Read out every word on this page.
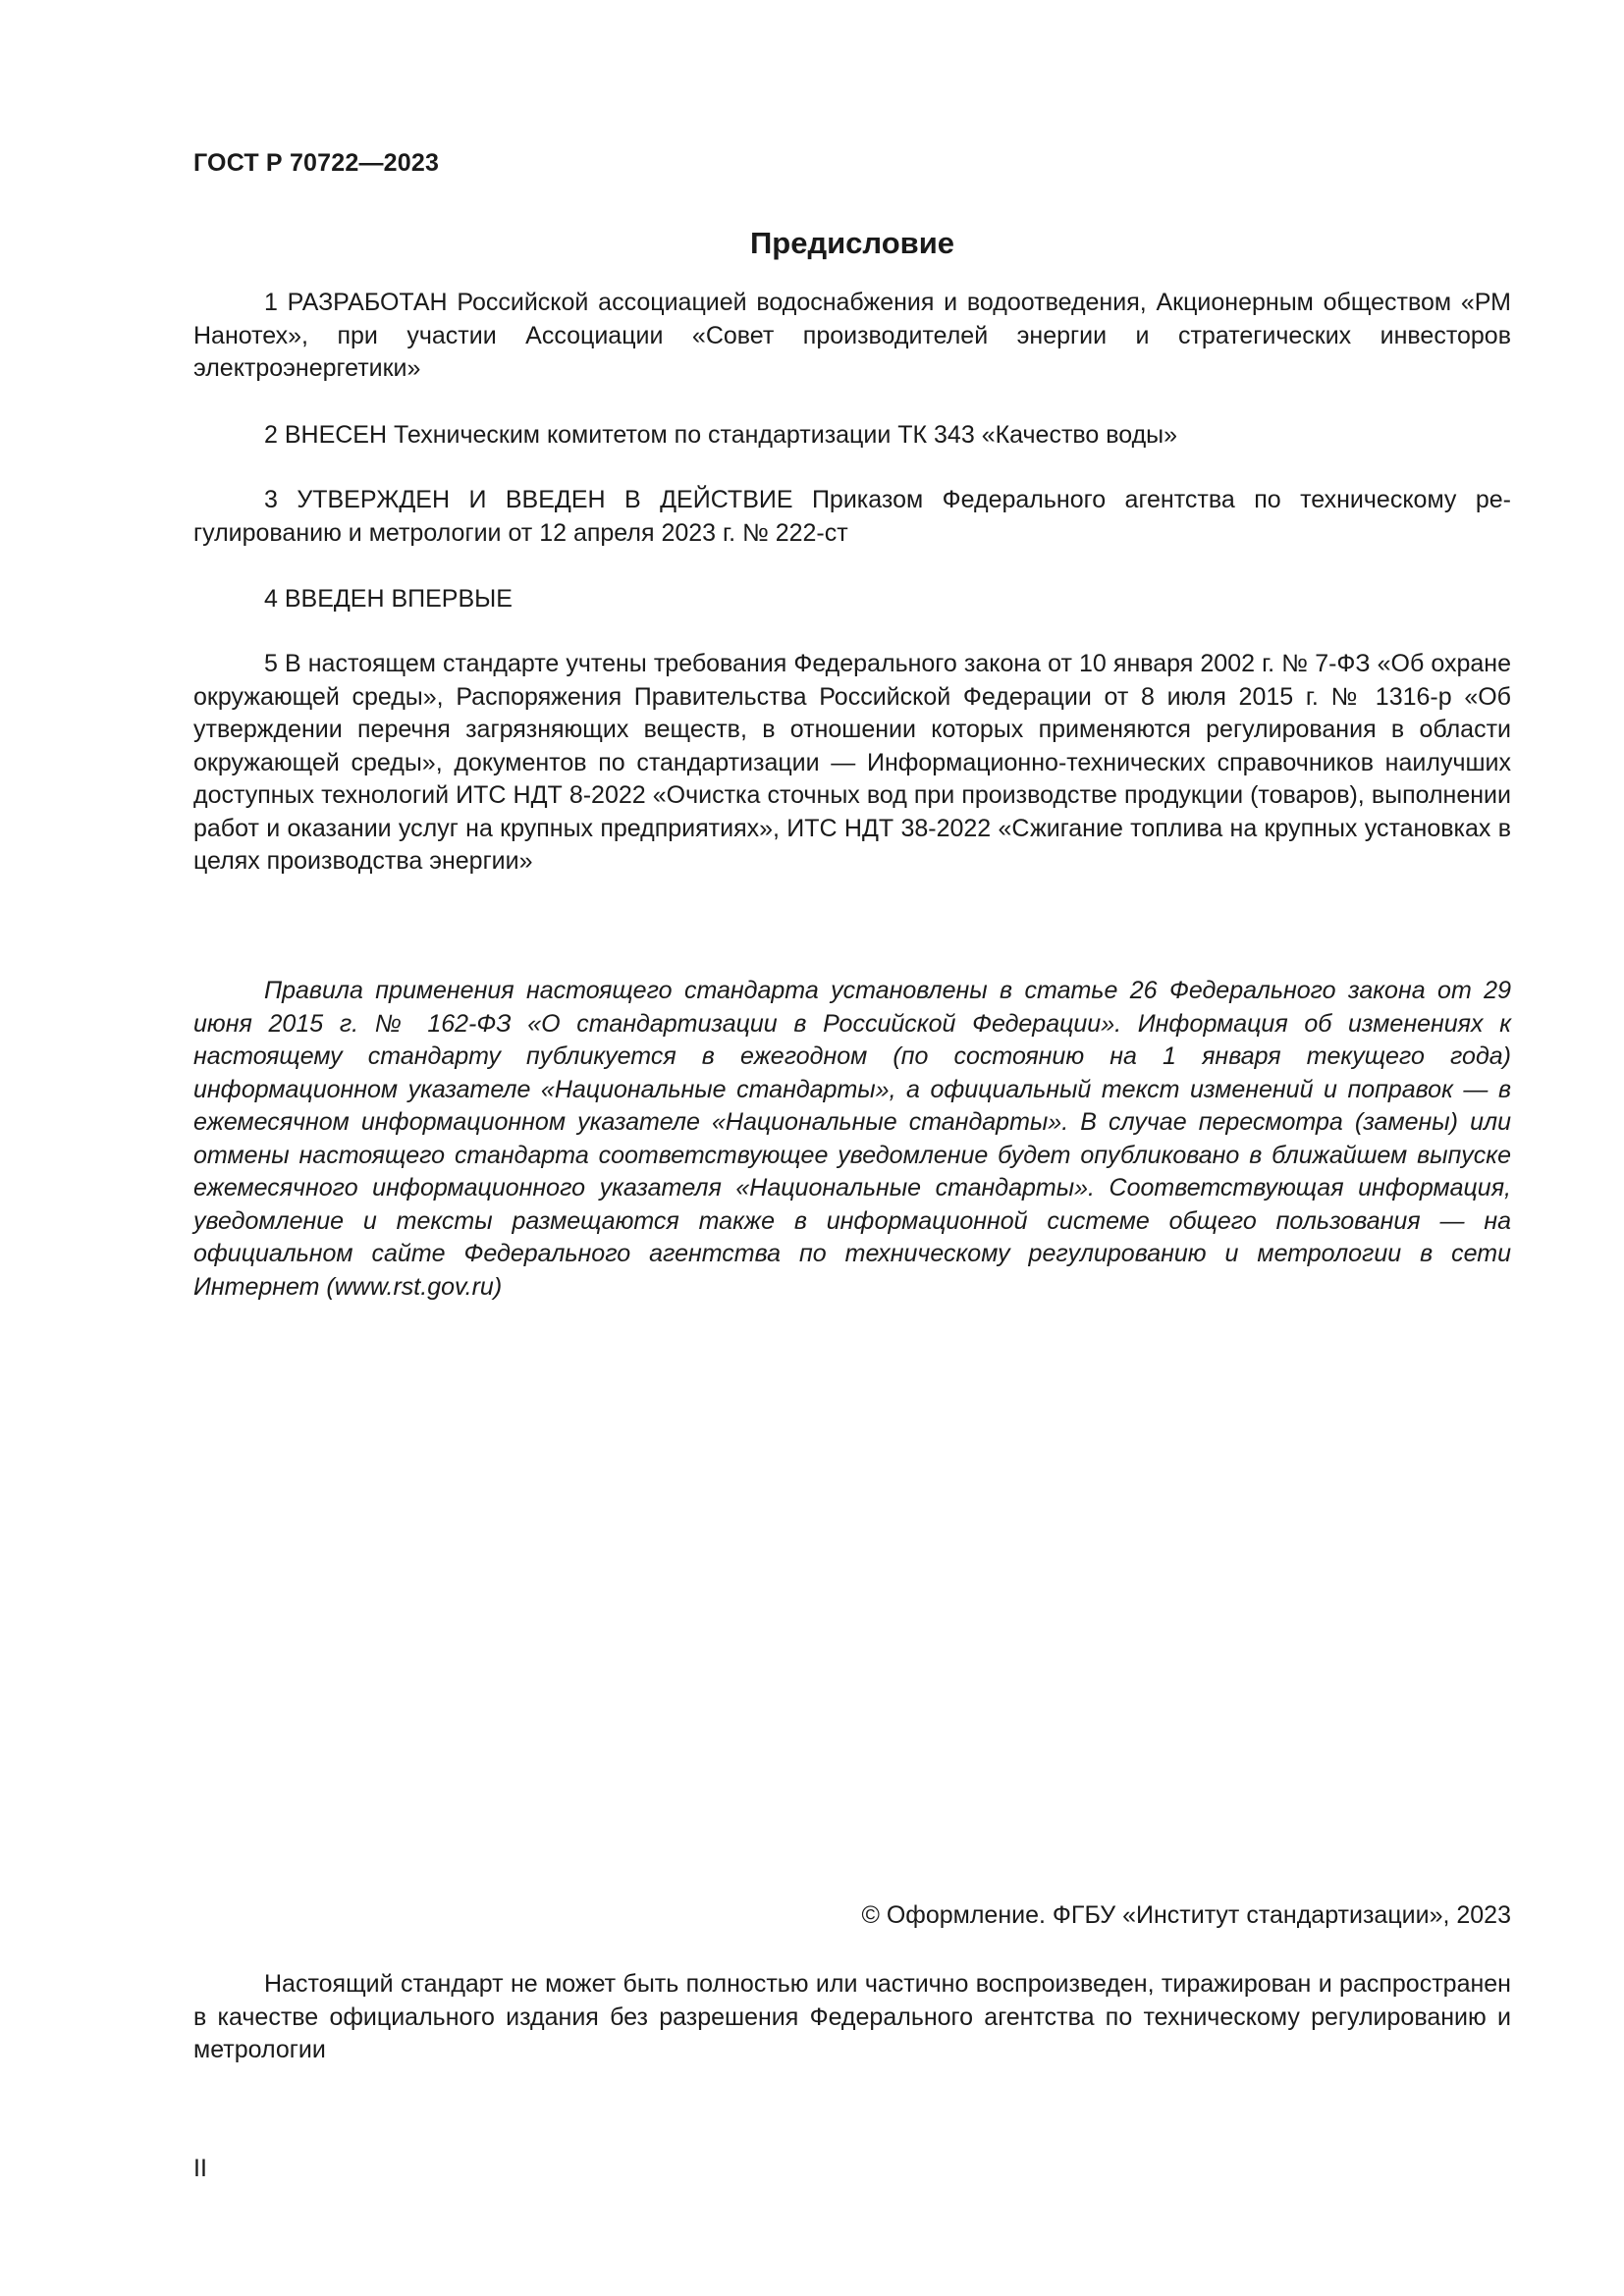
ГОСТ Р 70722—2023
Предисловие

1 РАЗРАБОТАН Российской ассоциацией водоснабжения и водоотведения, Акционерным обществом «РМ Нанотех», при участии Ассоциации «Совет производителей энергии и стратегических инвесторов электроэнергетики»

2 ВНЕСЕН Техническим комитетом по стандартизации ТК 343 «Качество воды»

3 УТВЕРЖДЕН И ВВЕДЕН В ДЕЙСТВИЕ Приказом Федерального агентства по техническому регулированию и метрологии от 12 апреля 2023 г. № 222-ст

4 ВВЕДЕН ВПЕРВЫЕ

5 В настоящем стандарте учтены требования Федерального закона от 10 января 2002 г. № 7-ФЗ «Об охране окружающей среды», Распоряжения Правительства Российской Федерации от 8 июля 2015 г. № 1316-р «Об утверждении перечня загрязняющих веществ, в отношении которых применяются регулирования в области окружающей среды», документов по стандартизации — Информационно-технических справочников наилучших доступных технологий ИТС НДТ 8-2022 «Очистка сточных вод при производстве продукции (товаров), выполнении работ и оказании услуг на крупных предприятиях», ИТС НДТ 38-2022 «Сжигание топлива на крупных установках в целях производства энергии»

Правила применения настоящего стандарта установлены в статье 26 Федерального закона от 29 июня 2015 г. № 162-ФЗ «О стандартизации в Российской Федерации». Информация об изменениях к настоящему стандарту публикуется в ежегодном (по состоянию на 1 января текущего года) информационном указателе «Национальные стандарты», а официальный текст изменений и поправок — в ежемесячном информационном указателе «Национальные стандарты». В случае пересмотра (замены) или отмены настоящего стандарта соответствующее уведомление будет опубликовано в ближайшем выпуске ежемесячного информационного указателя «Национальные стандарты». Соответствующая информация, уведомление и тексты размещаются также в информационной системе общего пользования — на официальном сайте Федерального агентства по техническому регулированию и метрологии в сети Интернет (www.rst.gov.ru)

© Оформление. ФГБУ «Институт стандартизации», 2023

Настоящий стандарт не может быть полностью или частично воспроизведен, тиражирован и распространен в качестве официального издания без разрешения Федерального агентства по техническому регулированию и метрологии

II
